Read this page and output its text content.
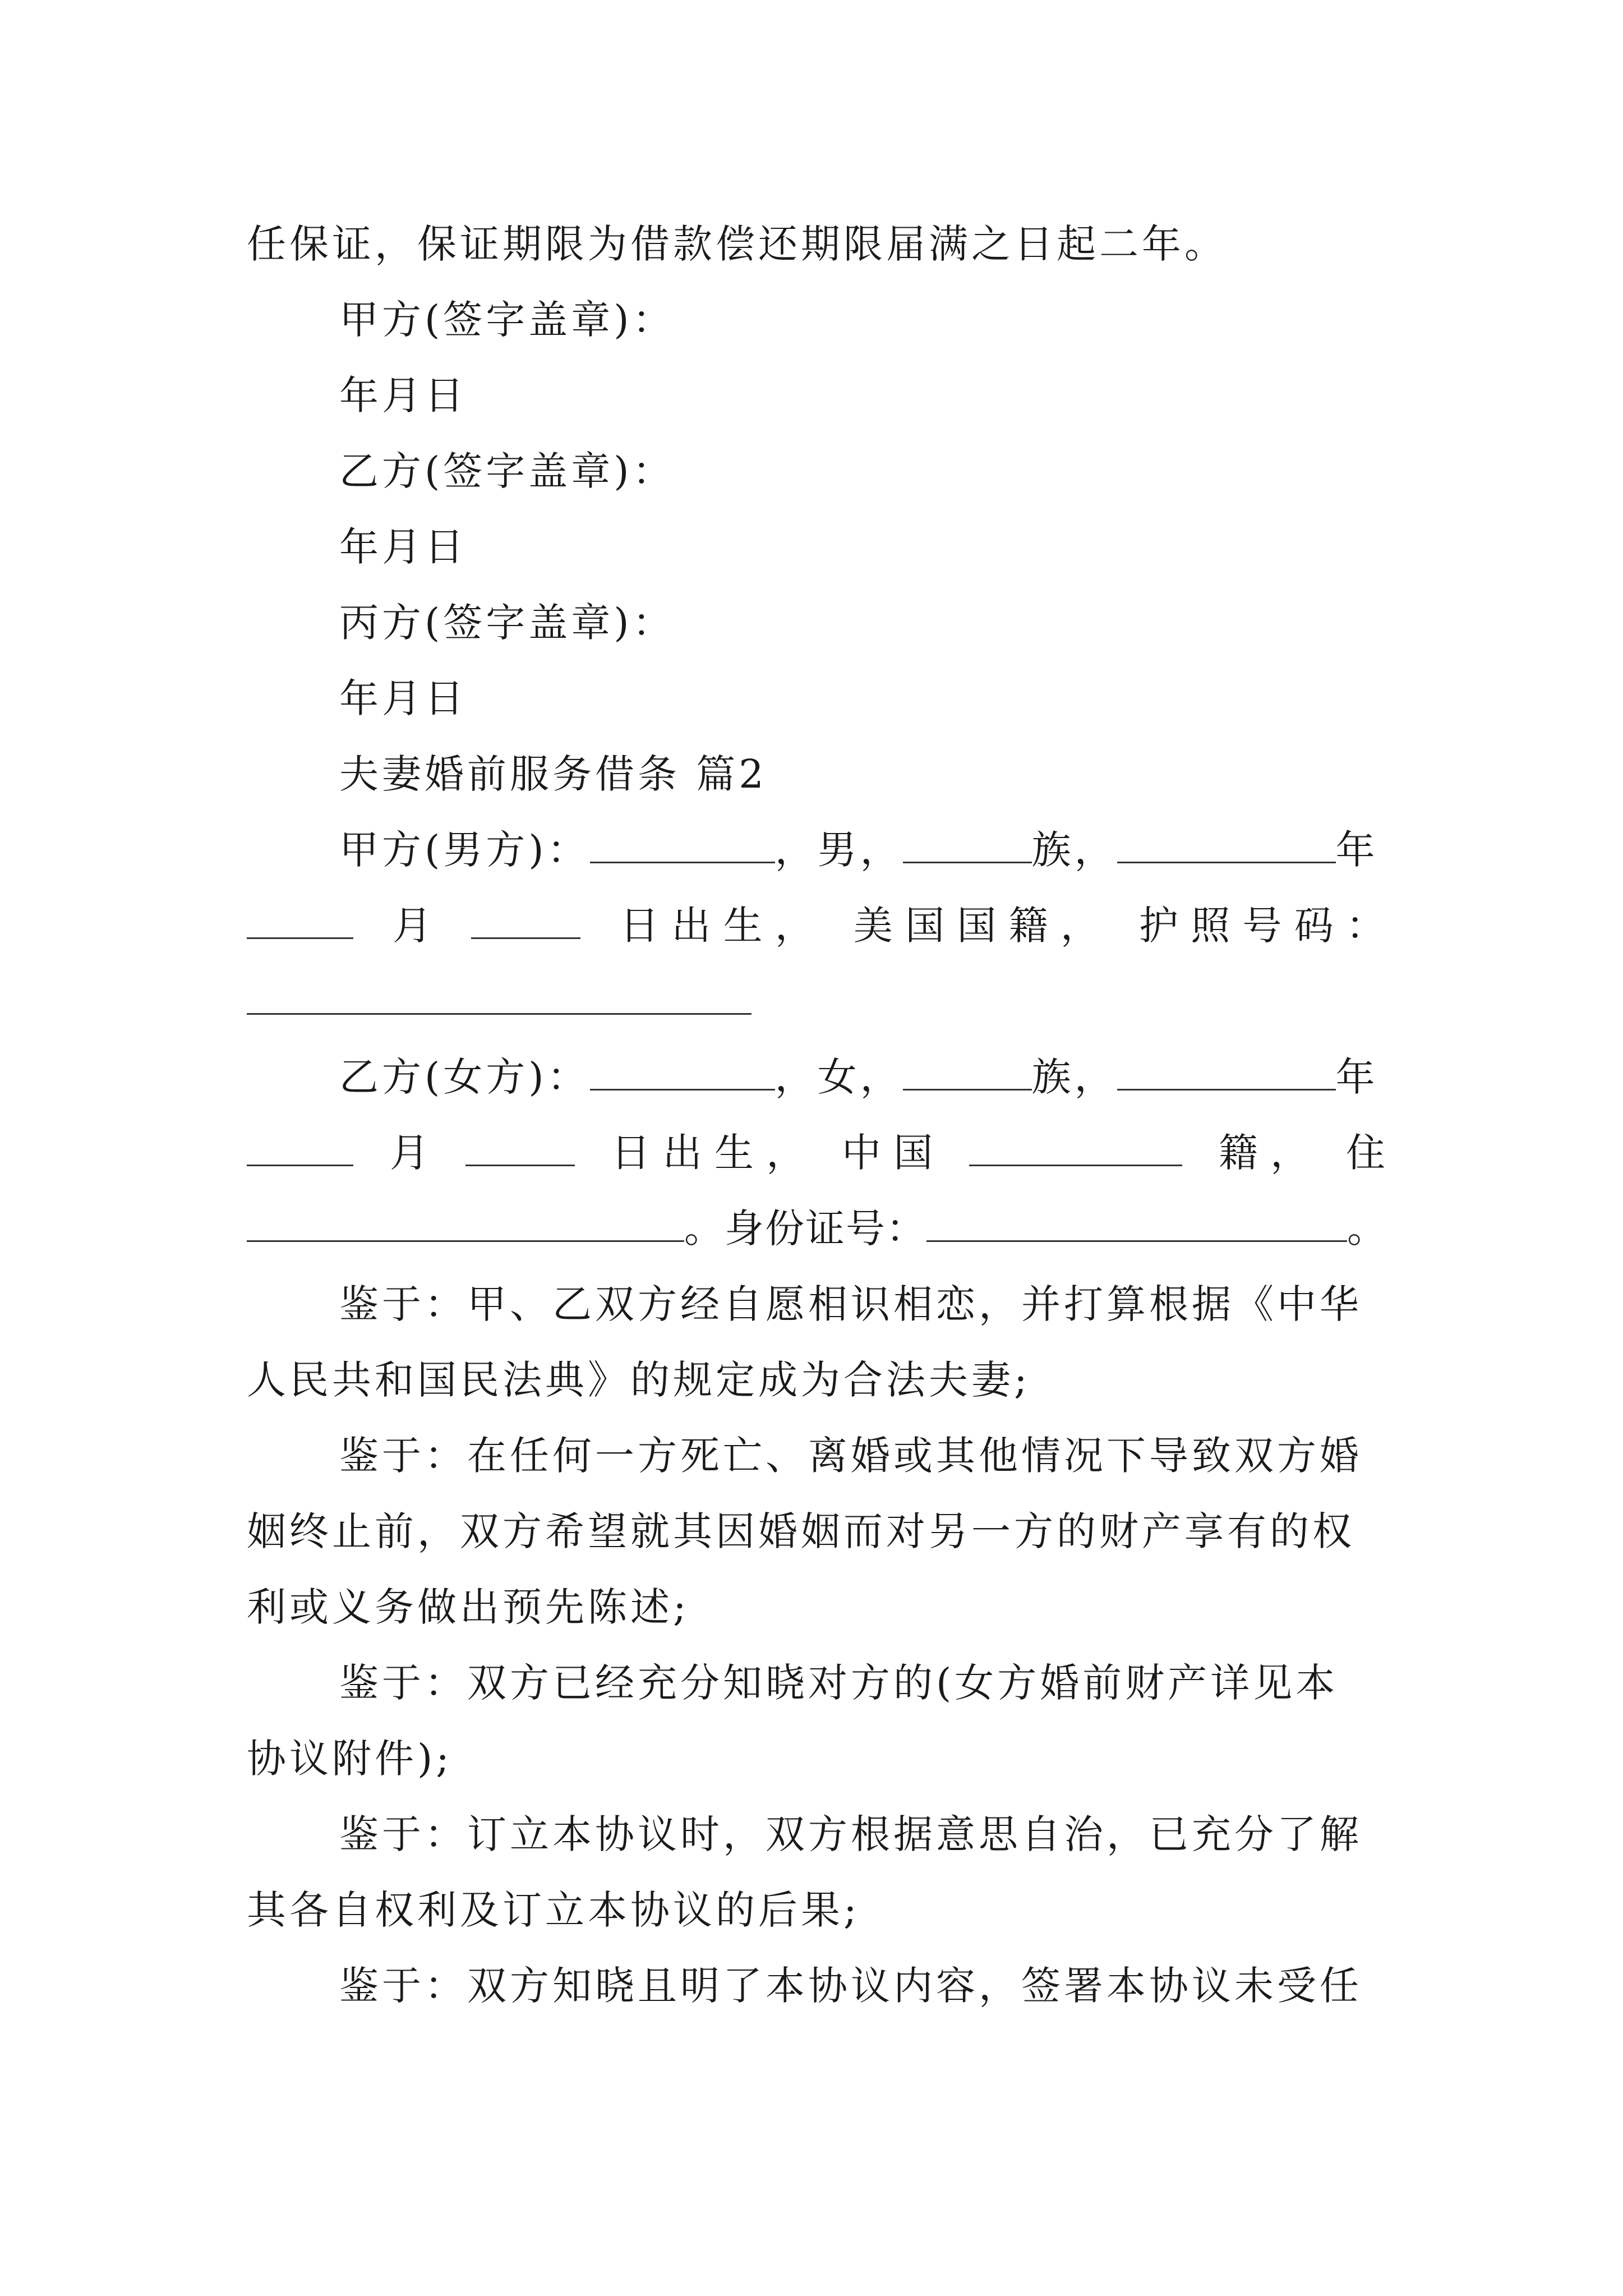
任保证，保证期限为借款偿还期限届满之日起二年。
甲方(签字盖章)：
年月日
乙方(签字盖章)：
年月日
丙方(签字盖章)：
年月日
夫妻婚前服务借条 篇2
甲方(男方)：	，男，	族，	年
月	日 出 生 ， 美 国 国 籍 ， 护 照 号 码 ：
乙方(女方)：	，女，	族，	年
月	日 出 生 ， 中 国	籍 ， 住
。身份证号：	。
鉴于：甲、乙双方经自愿相识相恋，并打算根据《中华
人民共和国民法典》的规定成为合法夫妻;
鉴于：在任何一方死亡、离婚或其他情况下导致双方婚
姻终止前，双方希望就其因婚姻而对另一方的财产享有的权
利或义务做出预先陈述;
鉴于：双方已经充分知晓对方的(女方婚前财产详见本
协议附件);
鉴于：订立本协议时，双方根据意思自治，已充分了解
其各自权利及订立本协议的后果;
鉴于：双方知晓且明了本协议内容，签署本协议未受任
